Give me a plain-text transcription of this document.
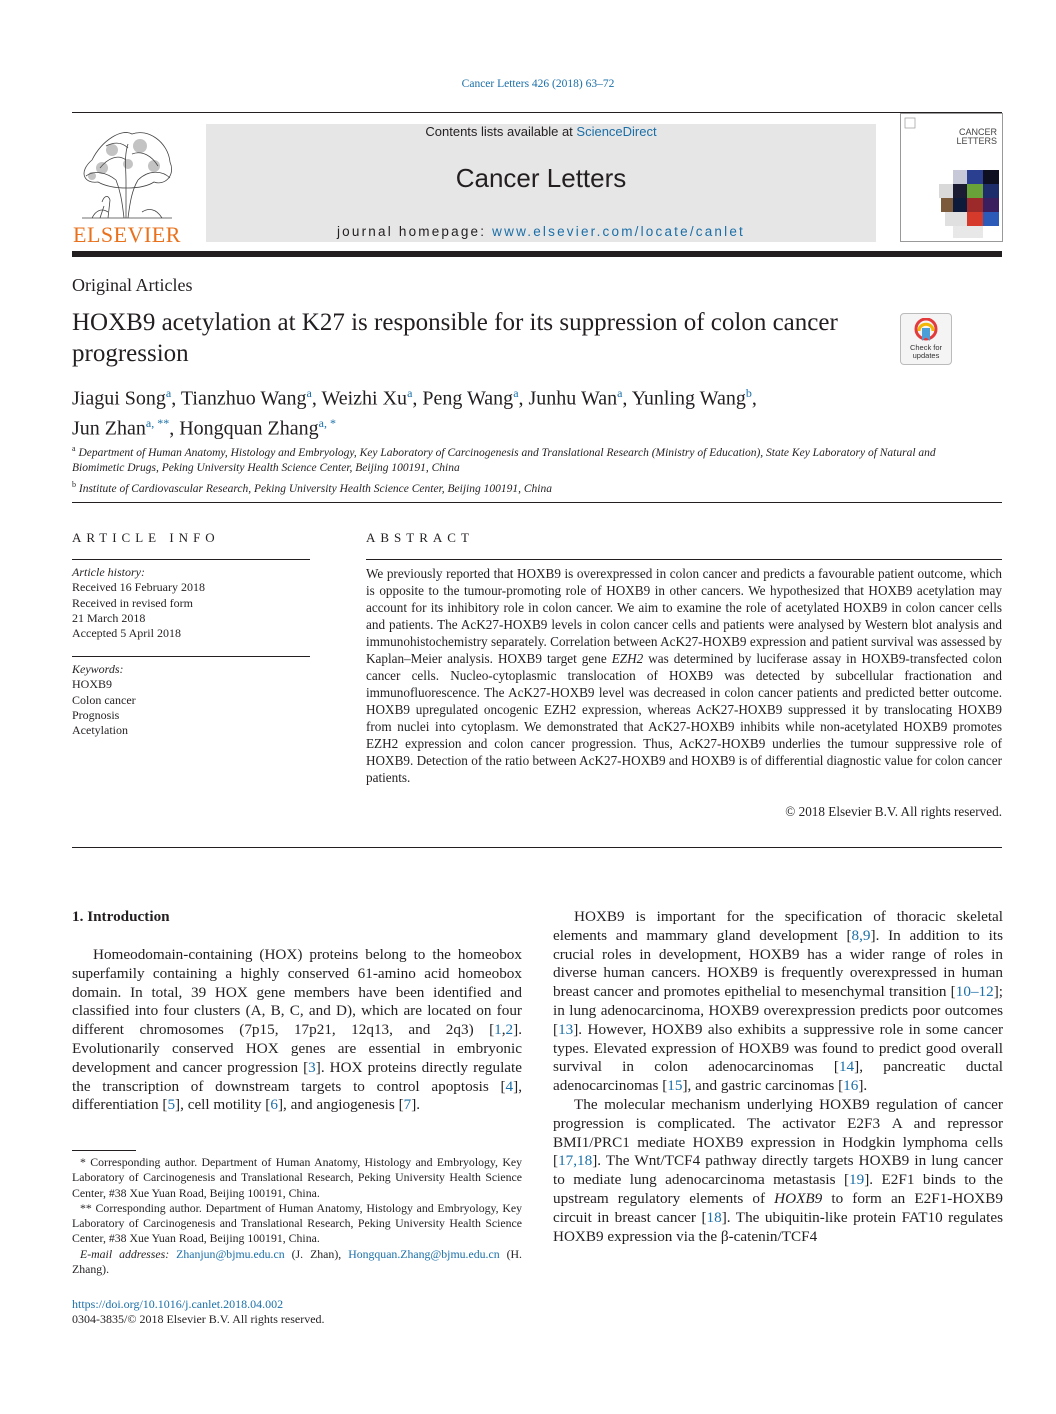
Cancer Letters 426 (2018) 63–72
ELSEVIER
Contents lists available at ScienceDirect
Cancer Letters
journal homepage: www.elsevier.com/locate/canlet
CANCER
LETTERS
Original Articles
HOXB9 acetylation at K27 is responsible for its suppression of colon cancer progression	Check for
updates
Jiagui Song$^a$, Tianzhuo Wang$^a$, Weizhi Xu$^a$, Peng Wang$^a$, Junhu Wan$^a$, Yunling Wang$^b$,
Jun Zhan$^{a, **}$, Hongquan Zhang$^{a, *}$
$^a$ Department of Human Anatomy, Histology and Embryology, Key Laboratory of Carcinogenesis and Translational Research (Ministry of Education), State Key Laboratory of Natural and Biomimetic Drugs, Peking University Health Science Center, Beijing 100191, China
$^b$ Institute of Cardiovascular Research, Peking University Health Science Center, Beijing 100191, China
ARTICLE INFO
Article history:
Received 16 February 2018
Received in revised form
21 March 2018
Accepted 5 April 2018
Keywords:
HOXB9
Colon cancer
Prognosis
Acetylation
ABSTRACT
We previously reported that HOXB9 is overexpressed in colon cancer and predicts a favourable patient outcome, which is opposite to the tumour-promoting role of HOXB9 in other cancers. We hypothesized that HOXB9 acetylation may account for its inhibitory role in colon cancer. We aim to examine the role of acetylated HOXB9 in colon cancer cells and patients. The AcK27-HOXB9 levels in colon cancer cells and patients were analysed by Western blot analysis and immunohistochemistry separately. Correlation between AcK27-HOXB9 expression and patient survival was assessed by Kaplan–Meier analysis. HOXB9 target gene EZH2 was determined by luciferase assay in HOXB9-transfected colon cancer cells. Nucleo-cytoplasmic translocation of HOXB9 was detected by subcellular fractionation and immunofluorescence. The AcK27-HOXB9 level was decreased in colon cancer patients and predicted better outcome. HOXB9 upregulated oncogenic EZH2 expression, whereas AcK27-HOXB9 suppressed it by translocating HOXB9 from nuclei into cytoplasm. We demonstrated that AcK27-HOXB9 inhibits while non-acetylated HOXB9 promotes EZH2 expression and colon cancer progression. Thus, AcK27-HOXB9 underlies the tumour suppressive role of HOXB9. Detection of the ratio between AcK27-HOXB9 and HOXB9 is of differential diagnostic value for colon cancer patients.
© 2018 Elsevier B.V. All rights reserved.
1. Introduction

Homeodomain-containing (HOX) proteins belong to the homeobox superfamily containing a highly conserved 61-amino acid homeobox domain. In total, 39 HOX gene members have been identified and classified into four clusters (A, B, C, and D), which are located on four different chromosomes (7p15, 17p21, 12q13, and 2q3) [1,2]. Evolutionarily conserved HOX genes are essential in embryonic development and cancer progression [3]. HOX proteins directly regulate the transcription of downstream targets to control apoptosis [4], differentiation [5], cell motility [6], and angiogenesis [7].

HOXB9 is important for the specification of thoracic skeletal elements and mammary gland development [8,9]. In addition to its crucial roles in development, HOXB9 has a wider range of roles in diverse human cancers. HOXB9 is frequently overexpressed in human breast cancer and promotes epithelial to mesenchymal transition [10–12]; in lung adenocarcinoma, HOXB9 overexpression predicts poor outcomes [13]. However, HOXB9 also exhibits a suppressive role in some cancer types. Elevated expression of HOXB9 was found to predict good overall survival in colon adenocarcinomas [14], pancreatic ductal adenocarcinomas [15], and gastric carcinomas [16].

The molecular mechanism underlying HOXB9 regulation of cancer progression is complicated. The activator E2F3 A and repressor BMI1/PRC1 mediate HOXB9 expression in Hodgkin lymphoma cells [17,18]. The Wnt/TCF4 pathway directly targets HOXB9 in lung cancer to mediate lung adenocarcinoma metastasis [19]. E2F1 binds to the upstream regulatory elements of HOXB9 to form an E2F1-HOXB9 circuit in breast cancer [18]. The ubiquitin-like protein FAT10 regulates HOXB9 expression via the β-catenin/TCF4

* Corresponding author. Department of Human Anatomy, Histology and Embryology, Key Laboratory of Carcinogenesis and Translational Research, Peking University Health Science Center, #38 Xue Yuan Road, Beijing 100191, China.

** Corresponding author. Department of Human Anatomy, Histology and Embryology, Key Laboratory of Carcinogenesis and Translational Research, Peking University Health Science Center, #38 Xue Yuan Road, Beijing 100191, China.

E-mail addresses: Zhanjun@bjmu.edu.cn (J. Zhan), Hongquan.Zhang@bjmu.edu.cn (H. Zhang).

https://doi.org/10.1016/j.canlet.2018.04.002
0304-3835/© 2018 Elsevier B.V. All rights reserved.
